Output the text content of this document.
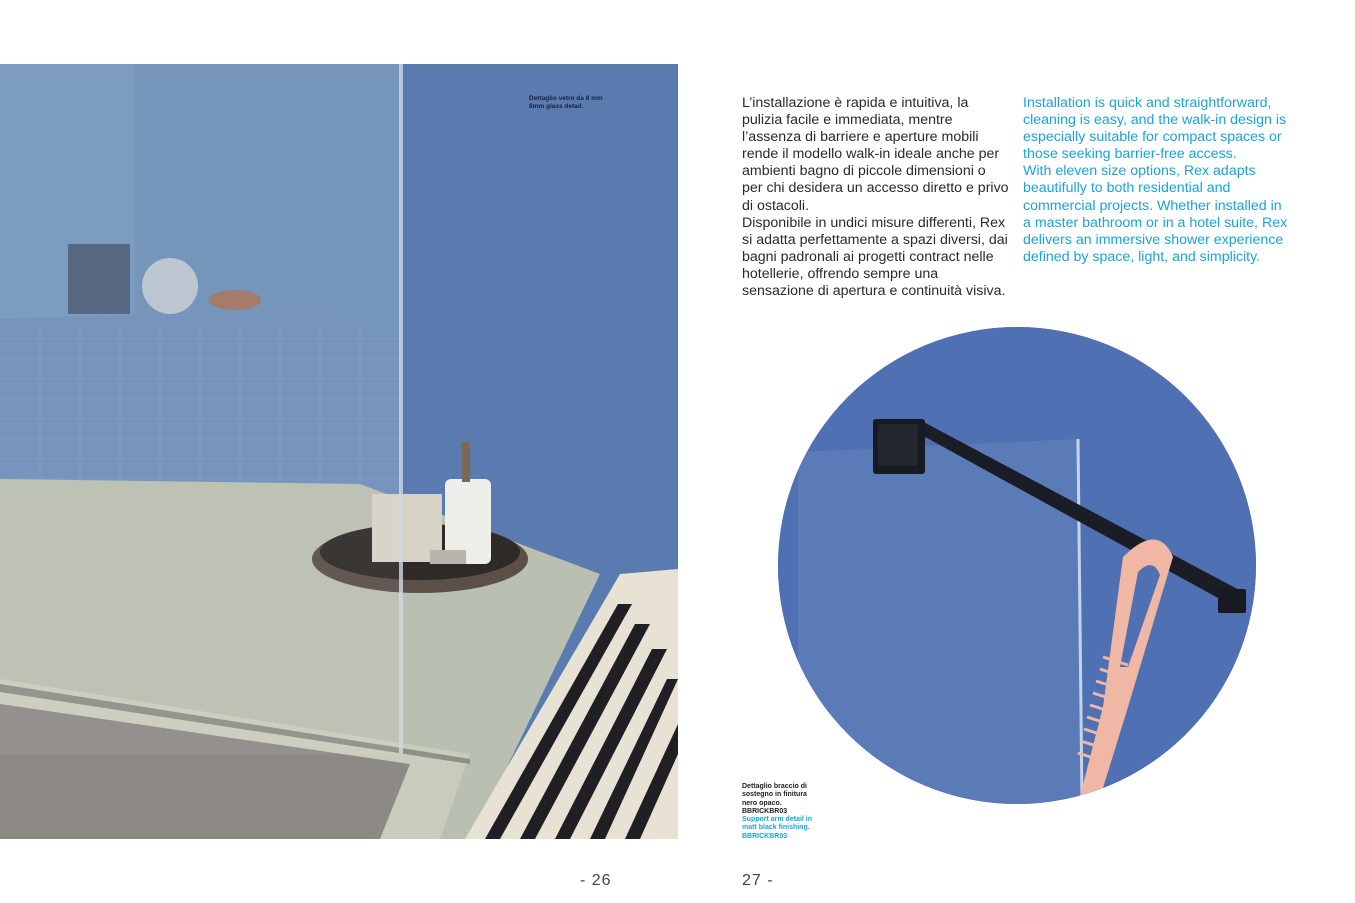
Dettaglio vetro da 8 mm
8mm glass detail.	L’installazione è rapida e intuitiva, la pulizia facile e immediata, mentre l’assenza di barriere e aperture mobili rende il modello walk-in ideale anche per ambienti bagno di piccole dimensioni o per chi desidera un accesso diretto e privo di ostacoli.

Disponibile in undici misure differenti, Rex si adatta perfettamente a spazi diversi, dai bagni padronali ai progetti contract nelle hotellerie, offrendo sempre una sensazione di apertura e continuità visiva.

Installation is quick and straightforward, cleaning is easy, and the walk-in design is especially suitable for compact spaces or those seeking barrier-free access.

With eleven size options, Rex adapts beautifully to both residential and commercial projects. Whether installed in a master bathroom or in a hotel suite, Rex delivers an immersive shower experience defined by space, light, and simplicity.

Dettaglio braccio di
sostegno in finitura
nero opaco.
BBRICKBR03
Support arm detail in
matt black finishing.
BBRICKBR03
- 26	27 -
